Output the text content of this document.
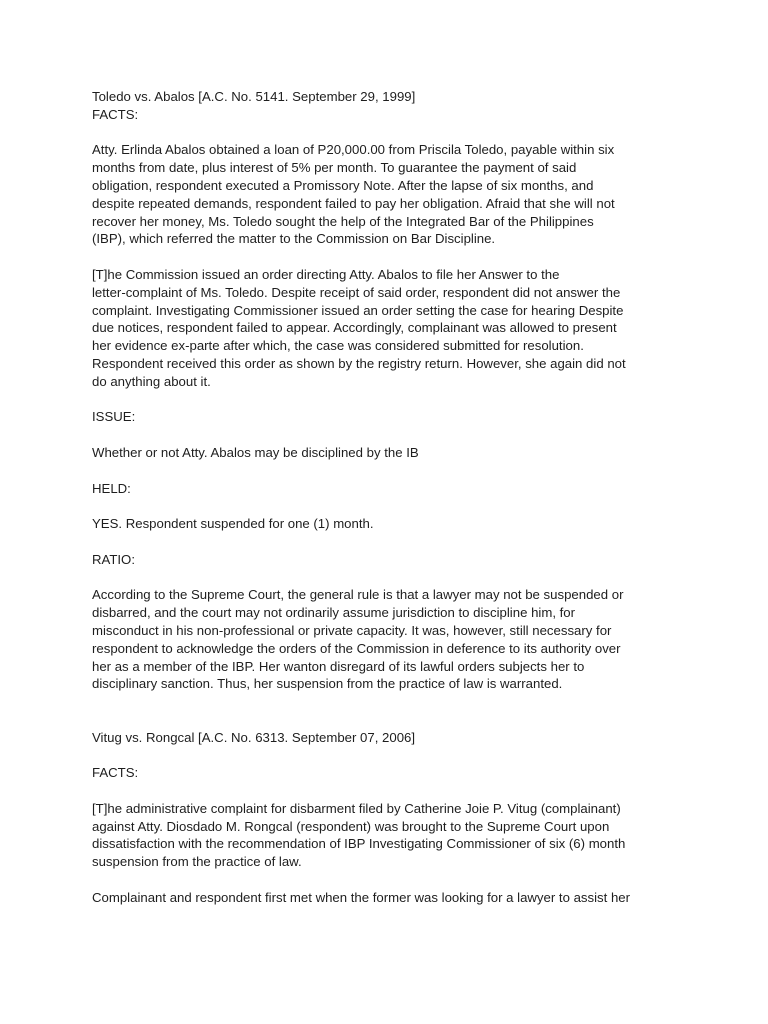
Toledo vs. Abalos [A.C. No. 5141. September 29, 1999]
FACTS:
Atty. Erlinda Abalos obtained a loan of P20,000.00 from Priscila Toledo, payable within six
months from date, plus interest of 5% per month. To guarantee the payment of said
obligation, respondent executed a Promissory Note. After the lapse of six months, and
despite repeated demands, respondent failed to pay her obligation. Afraid that she will not
recover her money, Ms. Toledo sought the help of the Integrated Bar of the Philippines
(IBP), which referred the matter to the Commission on Bar Discipline.
[T]he Commission issued an order directing Atty. Abalos to file her Answer to the
letter-complaint of Ms. Toledo. Despite receipt of said order, respondent did not answer the
complaint. Investigating Commissioner issued an order setting the case for hearing Despite
due notices, respondent failed to appear. Accordingly, complainant was allowed to present
her evidence ex-parte after which, the case was considered submitted for resolution.
Respondent received this order as shown by the registry return. However, she again did not
do anything about it.
ISSUE:
Whether or not Atty. Abalos may be disciplined by the IB
HELD:
YES. Respondent suspended for one (1) month.
RATIO:
According to the Supreme Court, the general rule is that a lawyer may not be suspended or
disbarred, and the court may not ordinarily assume jurisdiction to discipline him, for
misconduct in his non-professional or private capacity. It was, however, still necessary for
respondent to acknowledge the orders of the Commission in deference to its authority over
her as a member of the IBP. Her wanton disregard of its lawful orders subjects her to
disciplinary sanction. Thus, her suspension from the practice of law is warranted.
Vitug vs. Rongcal [A.C. No. 6313. September 07, 2006]
FACTS:
[T]he administrative complaint for disbarment filed by Catherine Joie P. Vitug (complainant)
against Atty. Diosdado M. Rongcal (respondent) was brought to the Supreme Court upon
dissatisfaction with the recommendation of IBP Investigating Commissioner of six (6) month
suspension from the practice of law.
Complainant and respondent first met when the former was looking for a lawyer to assist her
